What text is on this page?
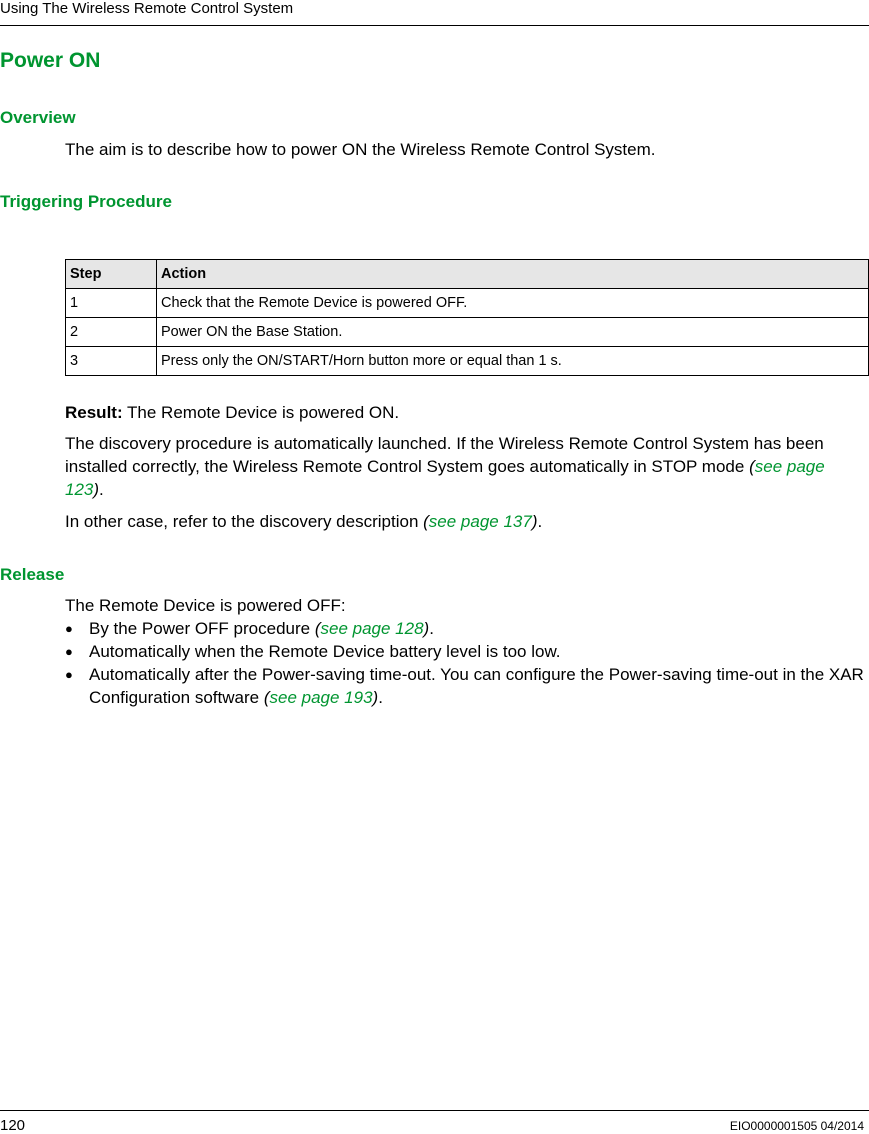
Using The Wireless Remote Control System
Power ON
Overview

The aim is to describe how to power ON the Wireless Remote Control System.

Triggering Procedure
Step	Action
1	Check that the Remote Device is powered OFF.
2	Power ON the Base Station.
3	Press only the ON/START/Horn button more or equal than 1 s.

Result: The Remote Device is powered ON.

The discovery procedure is automatically launched. If the Wireless Remote Control System has been installed correctly, the Wireless Remote Control System goes automatically in STOP mode (see page 123).

In other case, refer to the discovery description (see page 137).

Release

The Remote Device is powered OFF:

● By the Power OFF procedure (see page 128).
● Automatically when the Remote Device battery level is too low.
● Automatically after the Power-saving time-out. You can configure the Power-saving time-out in the XAR Configuration software (see page 193).
120	EIO0000001505 04/2014
